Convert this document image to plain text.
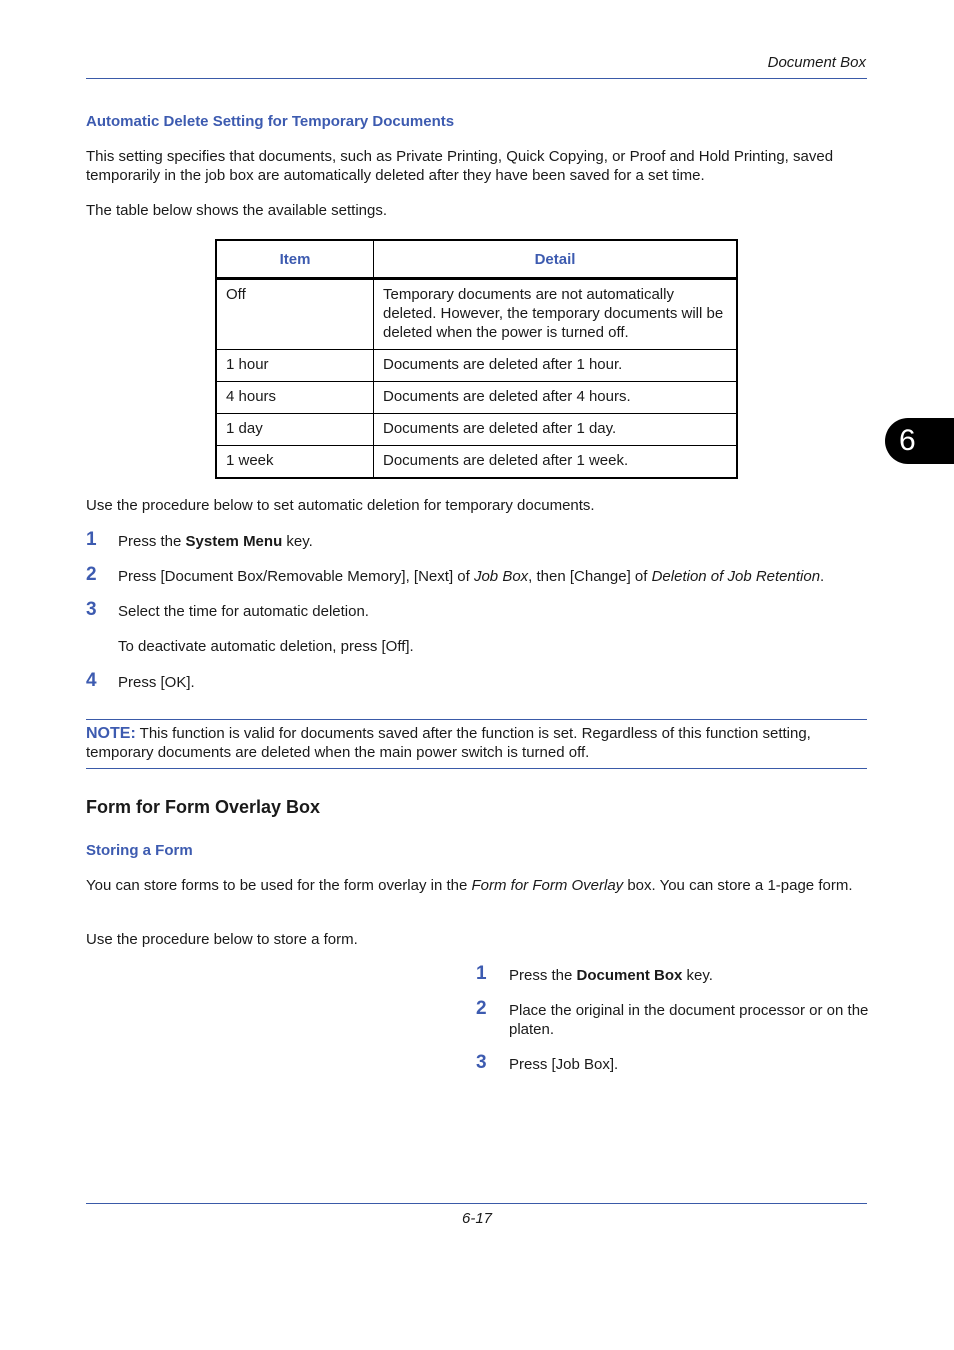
Document Box
Automatic Delete Setting for Temporary Documents
This setting specifies that documents, such as Private Printing, Quick Copying, or Proof and Hold Printing, saved temporarily in the job box are automatically deleted after they have been saved for a set time.
The table below shows the available settings.
Item	Detail
Off	Temporary documents are not automatically deleted. However, the temporary documents will be deleted when the power is turned off.
1 hour	Documents are deleted after 1 hour.
4 hours	Documents are deleted after 4 hours.
1 day	Documents are deleted after 1 day.
1 week	Documents are deleted after 1 week.
Use the procedure below to set automatic deletion for temporary documents.
1 Press the System Menu key.
2 Press [Document Box/Removable Memory], [Next] of Job Box, then [Change] of Deletion of Job Retention.
3 Select the time for automatic deletion.
To deactivate automatic deletion, press [Off].
4 Press [OK].
NOTE: This function is valid for documents saved after the function is set. Regardless of this function setting, temporary documents are deleted when the main power switch is turned off.
Form for Form Overlay Box
Storing a Form
You can store forms to be used for the form overlay in the Form for Form Overlay box. You can store a 1-page form.
Use the procedure below to store a form.
1 Press the Document Box key.
2 Place the original in the document processor or on the platen.
3 Press [Job Box].
6
6-17
